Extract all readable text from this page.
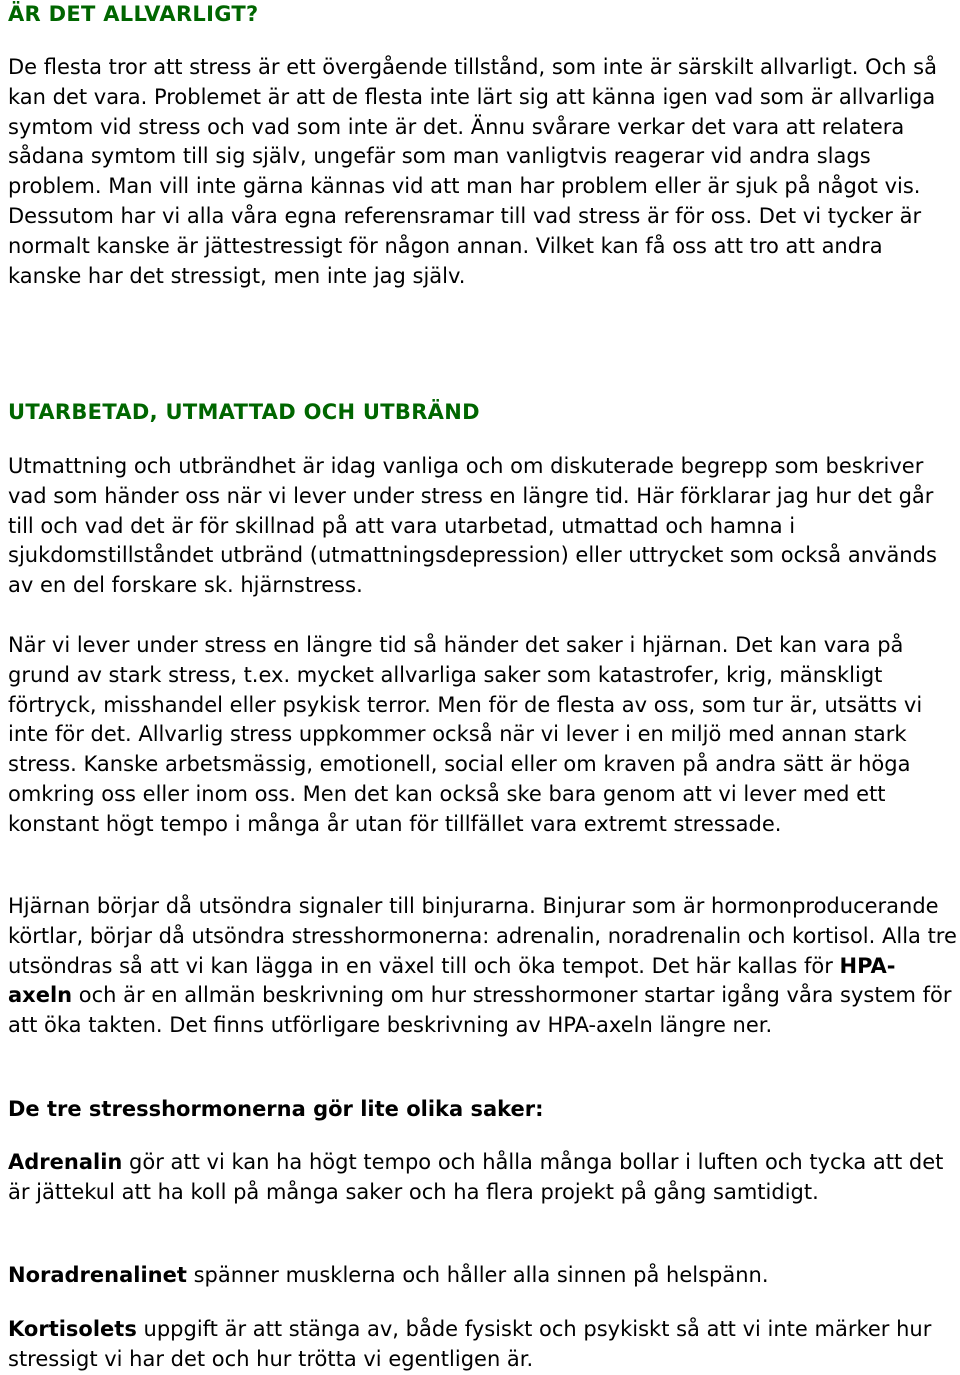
ÄR DET ALLVARLIGT?

De flesta tror att stress är ett övergående tillstånd, som inte är särskilt allvarligt. Och så kan det vara. Problemet är att de flesta inte lärt sig att känna igen vad som är allvarliga symtom vid stress och vad som inte är det. Ännu svårare verkar det vara att relatera sådana symtom till sig själv, ungefär som man vanligtvis reagerar vid andra slags problem. Man vill inte gärna kännas vid att man har problem eller är sjuk på något vis. Dessutom har vi alla våra egna referensramar till vad stress är för oss. Det vi tycker är normalt kanske är jättestressigt för någon annan. Vilket kan få oss att tro att andra kanske har det stressigt, men inte jag själv.

UTARBETAD, UTMATTAD OCH UTBRÄND

Utmattning och utbrändhet är idag vanliga och om diskuterade begrepp som beskriver vad som händer oss när vi lever under stress en längre tid. Här förklarar jag hur det går till och vad det är för skillnad på att vara utarbetad, utmattad och hamna i sjukdomstillståndet utbränd (utmattningsdepression) eller uttrycket som också används av en del forskare sk. hjärnstress.

När vi lever under stress en längre tid så händer det saker i hjärnan. Det kan vara på grund av stark stress, t.ex. mycket allvarliga saker som katastrofer, krig, mänskligt förtryck, misshandel eller psykisk terror. Men för de flesta av oss, som tur är, utsätts vi inte för det. Allvarlig stress uppkommer också när vi lever i en miljö med annan stark stress. Kanske arbetsmässig, emotionell, social eller om kraven på andra sätt är höga omkring oss eller inom oss. Men det kan också ske bara genom att vi lever med ett konstant högt tempo i många år utan för tillfället vara extremt stressade.

Hjärnan börjar då utsöndra signaler till binjurarna. Binjurar som är hormonproducerande körtlar, börjar då utsöndra stresshormonerna: adrenalin, noradrenalin och kortisol. Alla tre utsöndras så att vi kan lägga in en växel till och öka tempot. Det här kallas för HPA-axeln och är en allmän beskrivning om hur stresshormoner startar igång våra system för att öka takten. Det finns utförligare beskrivning av HPA-axeln längre ner.

De tre stresshormonerna gör lite olika saker:

Adrenalin gör att vi kan ha högt tempo och hålla många bollar i luften och tycka att det är jättekul att ha koll på många saker och ha flera projekt på gång samtidigt.

Noradrenalinet spänner musklerna och håller alla sinnen på helspänn.

Kortisolets uppgift är att stänga av, både fysiskt och psykiskt så att vi inte märker hur stressigt vi har det och hur trötta vi egentligen är.
